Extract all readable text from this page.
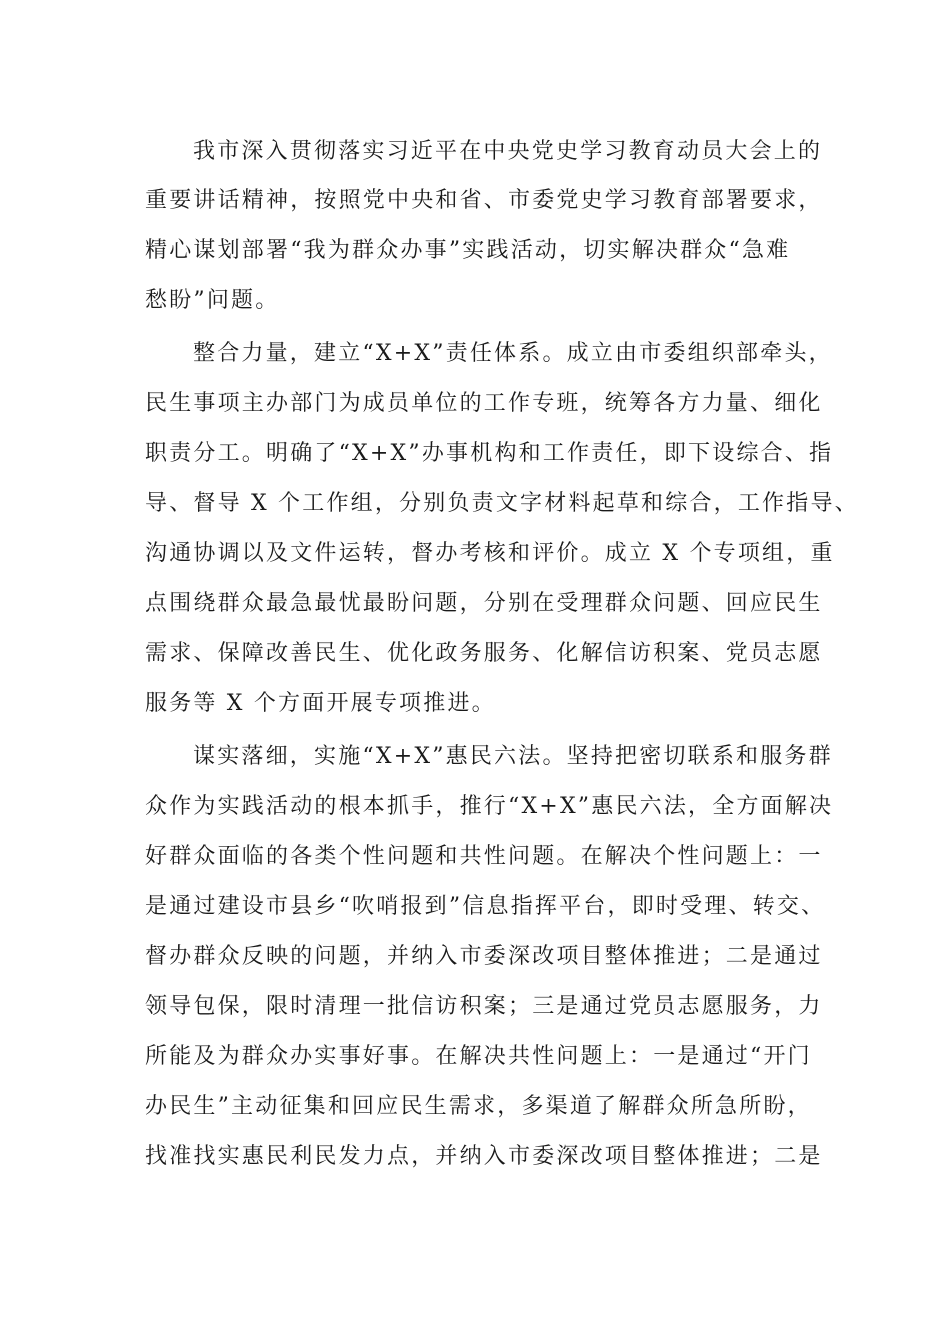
我市深入贯彻落实习近平在中央党史学习教育动员大会上的
重要讲话精神，按照党中央和省、市委党史学习教育部署要求，
精心谋划部署“我为群众办事”实践活动，切实解决群众“急难
愁盼”问题。
整合力量，建立“X+X”责任体系。成立由市委组织部牵头，
民生事项主办部门为成员单位的工作专班，统筹各方力量、细化
职责分工。明确了“X+X”办事机构和工作责任，即下设综合、指
导、督导 X 个工作组，分别负责文字材料起草和综合，工作指导、
沟通协调以及文件运转，督办考核和评价。成立 X 个专项组，重
点围绕群众最急最忧最盼问题，分别在受理群众问题、回应民生
需求、保障改善民生、优化政务服务、化解信访积案、党员志愿
服务等 X 个方面开展专项推进。
谋实落细，实施“X+X”惠民六法。坚持把密切联系和服务群
众作为实践活动的根本抓手，推行“X+X”惠民六法，全方面解决
好群众面临的各类个性问题和共性问题。在解决个性问题上：一
是通过建设市县乡“吹哨报到”信息指挥平台，即时受理、转交、
督办群众反映的问题，并纳入市委深改项目整体推进；二是通过
领导包保，限时清理一批信访积案；三是通过党员志愿服务，力
所能及为群众办实事好事。在解决共性问题上：一是通过“开门
办民生”主动征集和回应民生需求，多渠道了解群众所急所盼，
找准找实惠民利民发力点，并纳入市委深改项目整体推进；二是
